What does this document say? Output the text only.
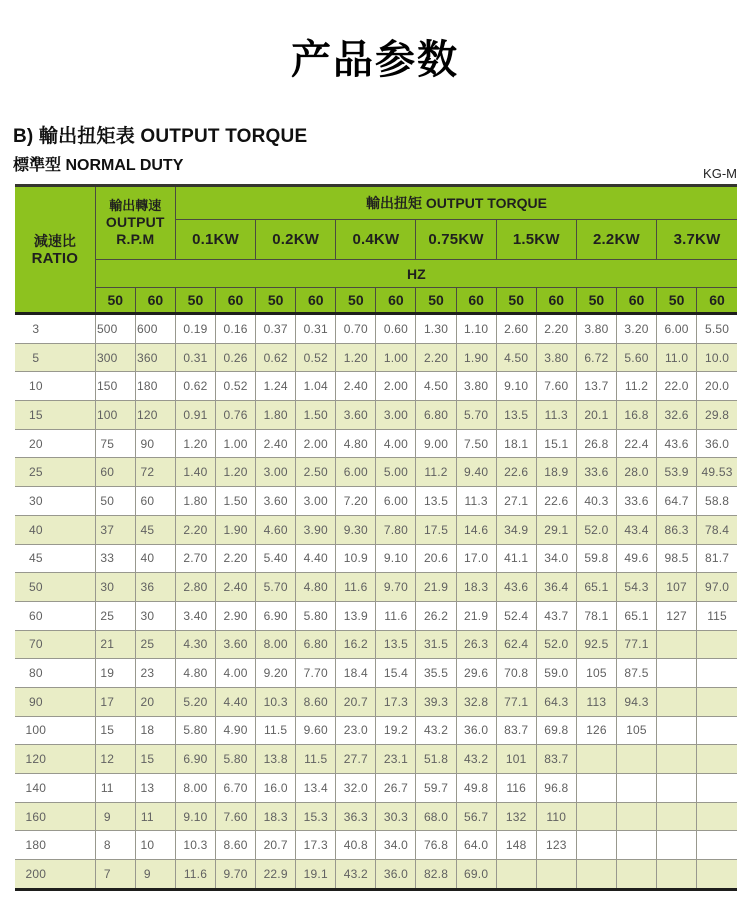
产品参数
B) 輸出扭矩表 OUTPUT TORQUE
標準型 NORMAL DUTY	KG-M
減速比
RATIO	輸出轉速
OUTPUT
R.P.M		輸出扭矩 OUTPUT TORQUE													
			0.1KW		0.2KW		0.4KW		0.75KW		1.5KW		2.2KW		3.7KW	
	HZ															
	50	60	50	60	50	60	50	60	50	60	50	60	50	60	50	60
3	500	600	0.19	0.16	0.37	0.31	0.70	0.60	1.30	1.10	2.60	2.20	3.80	3.20	6.00	5.50
5	300	360	0.31	0.26	0.62	0.52	1.20	1.00	2.20	1.90	4.50	3.80	6.72	5.60	11.0	10.0
10	150	180	0.62	0.52	1.24	1.04	2.40	2.00	4.50	3.80	9.10	7.60	13.7	11.2	22.0	20.0
15	100	120	0.91	0.76	1.80	1.50	3.60	3.00	6.80	5.70	13.5	11.3	20.1	16.8	32.6	29.8
20	75	90	1.20	1.00	2.40	2.00	4.80	4.00	9.00	7.50	18.1	15.1	26.8	22.4	43.6	36.0
25	60	72	1.40	1.20	3.00	2.50	6.00	5.00	11.2	9.40	22.6	18.9	33.6	28.0	53.9	49.53
30	50	60	1.80	1.50	3.60	3.00	7.20	6.00	13.5	11.3	27.1	22.6	40.3	33.6	64.7	58.8
40	37	45	2.20	1.90	4.60	3.90	9.30	7.80	17.5	14.6	34.9	29.1	52.0	43.4	86.3	78.4
45	33	40	2.70	2.20	5.40	4.40	10.9	9.10	20.6	17.0	41.1	34.0	59.8	49.6	98.5	81.7
50	30	36	2.80	2.40	5.70	4.80	11.6	9.70	21.9	18.3	43.6	36.4	65.1	54.3	107	97.0
60	25	30	3.40	2.90	6.90	5.80	13.9	11.6	26.2	21.9	52.4	43.7	78.1	65.1	127	115
70	21	25	4.30	3.60	8.00	6.80	16.2	13.5	31.5	26.3	62.4	52.0	92.5	77.1		
80	19	23	4.80	4.00	9.20	7.70	18.4	15.4	35.5	29.6	70.8	59.0	105	87.5		
90	17	20	5.20	4.40	10.3	8.60	20.7	17.3	39.3	32.8	77.1	64.3	113	94.3		
100	15	18	5.80	4.90	11.5	9.60	23.0	19.2	43.2	36.0	83.7	69.8	126	105		
120	12	15	6.90	5.80	13.8	11.5	27.7	23.1	51.8	43.2	101	83.7				
140	11	13	8.00	6.70	16.0	13.4	32.0	26.7	59.7	49.8	116	96.8				
160	9	11	9.10	7.60	18.3	15.3	36.3	30.3	68.0	56.7	132	110				
180	8	10	10.3	8.60	20.7	17.3	40.8	34.0	76.8	64.0	148	123				
200	7	9	11.6	9.70	22.9	19.1	43.2	36.0	82.8	69.0						
